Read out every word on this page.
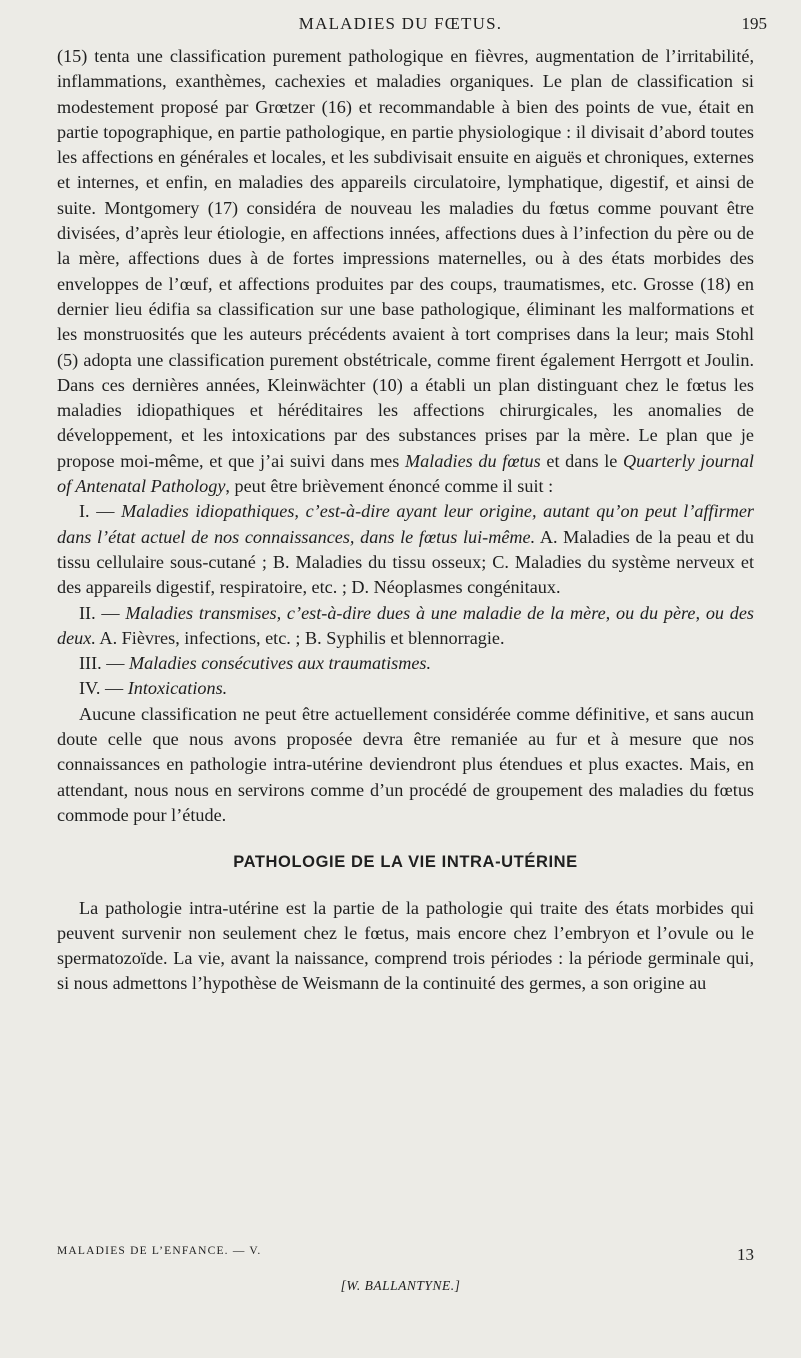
MALADIES DU FŒTUS.	195

(15) tenta une classification purement pathologique en fièvres, augmentation de l’irritabilité, inflammations, exanthèmes, cachexies et maladies organiques. Le plan de classification si modestement proposé par Grœtzer (16) et recommandable à bien des points de vue, était en partie topographique, en partie pathologique, en partie physiologique : il divisait d’abord toutes les affections en générales et locales, et les subdivisait ensuite en aiguës et chroniques, externes et internes, et enfin, en maladies des appareils circulatoire, lymphatique, digestif, et ainsi de suite. Montgomery (17) considéra de nouveau les maladies du fœtus comme pouvant être divisées, d’après leur étiologie, en affections innées, affections dues à l’infection du père ou de la mère, affections dues à de fortes impressions maternelles, ou à des états morbides des enveloppes de l’œuf, et affections produites par des coups, traumatismes, etc. Grosse (18) en dernier lieu édifia sa classification sur une base pathologique, éliminant les malformations et les monstruosités que les auteurs précédents avaient à tort comprises dans la leur; mais Stohl (5) adopta une classification purement obstétricale, comme firent également Herrgott et Joulin. Dans ces dernières années, Kleinwächter (10) a établi un plan distinguant chez le fœtus les maladies idiopathiques et héréditaires les affections chirurgicales, les anomalies de développement, et les intoxications par des substances prises par la mère. Le plan que je propose moi-même, et que j’ai suivi dans mes Maladies du fœtus et dans le Quarterly journal of Antenatal Pathology, peut être brièvement énoncé comme il suit :

I. — Maladies idiopathiques, c’est-à-dire ayant leur origine, autant qu’on peut l’affirmer dans l’état actuel de nos connaissances, dans le fœtus lui-même. A. Maladies de la peau et du tissu cellulaire sous-cutané ; B. Maladies du tissu osseux; C. Maladies du système nerveux et des appareils digestif, respiratoire, etc. ; D. Néoplasmes congénitaux.

II. — Maladies transmises, c’est-à-dire dues à une maladie de la mère, ou du père, ou des deux. A. Fièvres, infections, etc. ; B. Syphilis et blennorragie.

III. — Maladies consécutives aux traumatismes.

IV. — Intoxications.

Aucune classification ne peut être actuellement considérée comme définitive, et sans aucun doute celle que nous avons proposée devra être remaniée au fur et à mesure que nos connaissances en pathologie intra-utérine deviendront plus étendues et plus exactes. Mais, en attendant, nous nous en servirons comme d’un procédé de groupement des maladies du fœtus commode pour l’étude.

PATHOLOGIE DE LA VIE INTRA-UTÉRINE

La pathologie intra-utérine est la partie de la pathologie qui traite des états morbides qui peuvent survenir non seulement chez le fœtus, mais encore chez l’embryon et l’ovule ou le spermatozoïde. La vie, avant la naissance, comprend trois périodes : la période germinale qui, si nous admettons l’hypothèse de Weismann de la continuité des germes, a son origine au

MALADIES DE L’ENFANCE. — V.	13
[W. BALLANTYNE.]
